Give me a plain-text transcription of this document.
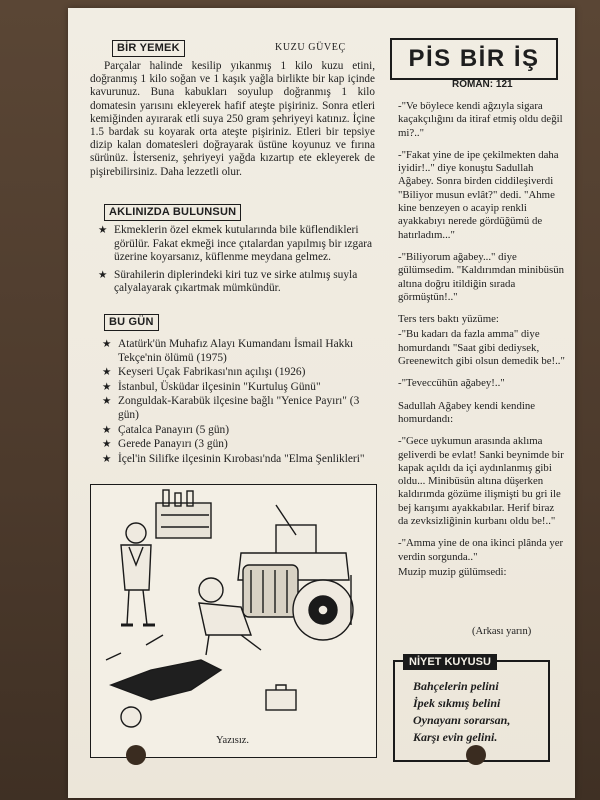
BİR YEMEK	KUZU GÜVEÇ
Parçalar halinde kesilip yıkanmış 1 kilo kuzu etini, doğranmış 1 kilo soğan ve 1 kaşık yağla birlikte bir kap içinde kavurunuz. Buna kabukları soyulup doğranmış 1 kilo domatesin yarısını ekleyerek hafif ateşte pişiriniz. Sonra etleri kemiğinden ayırarak etli suya 250 gram şehriyeyi katınız. İçine 1.5 bardak su koyarak orta ateşte pişiriniz. Etleri bir tepsiye dizip kalan domatesleri doğrayarak üstüne koyunuz ve fırına sürünüz. İsterseniz, şehriyeyi yağda kızartıp ete ekleyerek de pişirebilirsiniz. Daha lezzetli olur.
AKLINIZDA BULUNSUN
★ Ekmeklerin özel ekmek kutularında bile küflendikleri görülür. Fakat ekmeği ince çıtalardan yapılmış bir ızgara üzerine koyarsanız, küflenme meydana gelmez.
★ Sürahilerin diplerindeki kiri tuz ve sirke atılmış suyla çalyalayarak çıkartmak mümkündür.
BU GÜN
★ Atatürk'ün Muhafız Alayı Kumandanı İsmail Hakkı Tekçe'nin ölümü (1975)
★ Keyseri Uçak Fabrikası'nın açılışı (1926)
★ İstanbul, Üsküdar ilçesinin "Kurtuluş Günü"
★ Zonguldak-Karabük ilçesine bağlı "Yenice Payırı" (3 gün)
★ Çatalca Panayırı (5 gün)
★ Gerede Panayırı (3 gün)
★ İçel'in Silifke ilçesinin Kırobası'nda "Elma Şenlikleri"
Yazısız.
PİS BİR İŞ
ROMAN: 121

-"Ve böylece kendi ağzıyla sigara kaçakçılığını da itiraf etmiş oldu değil mi?.."

-"Fakat yine de ipe çekilmekten daha iyidir!.." diye konuştu Sadullah Ağabey. Sonra birden ciddileşiverdi "Biliyor musun evlât?" dedi. "Ahme kine benzeyen o acayip renkli ayakkabıyı nerede gördüğümü de hatırladım..."

-"Biliyorum ağabey..." diye gülümsedim. "Kaldırımdan minibüsün altına doğru itildiğin sırada görmüştün!.."

Ters ters baktı yüzüme:

-"Bu kadarı da fazla amma" diye homurdandı "Saat gibi dediysek, Greenewitch gibi olsun demedik be!.."

-"Teveccühün ağabey!.."

Sadullah Ağabey kendi kendine homurdandı:

-"Gece uykumun arasında aklıma geliverdi be evlat! Sanki beynimde bir kapak açıldı da içi aydınlanmış gibi oldu... Minibüsün altına düşerken kaldırımda gözüme ilişmişti bu gri ile bej karışımı ayakkabılar. Herif biraz da zevksizliğinin kurbanı oldu be!.."

-"Amma yine de ona ikinci plânda yer verdin sorgunda.."

Muzip muzip gülümsedi:

(Arkası yarın)
NİYET KUYUSU
Bahçelerin pelini
İpek sıkmış belini
Oynayanı sorarsan,
Karşı evin gelini.
